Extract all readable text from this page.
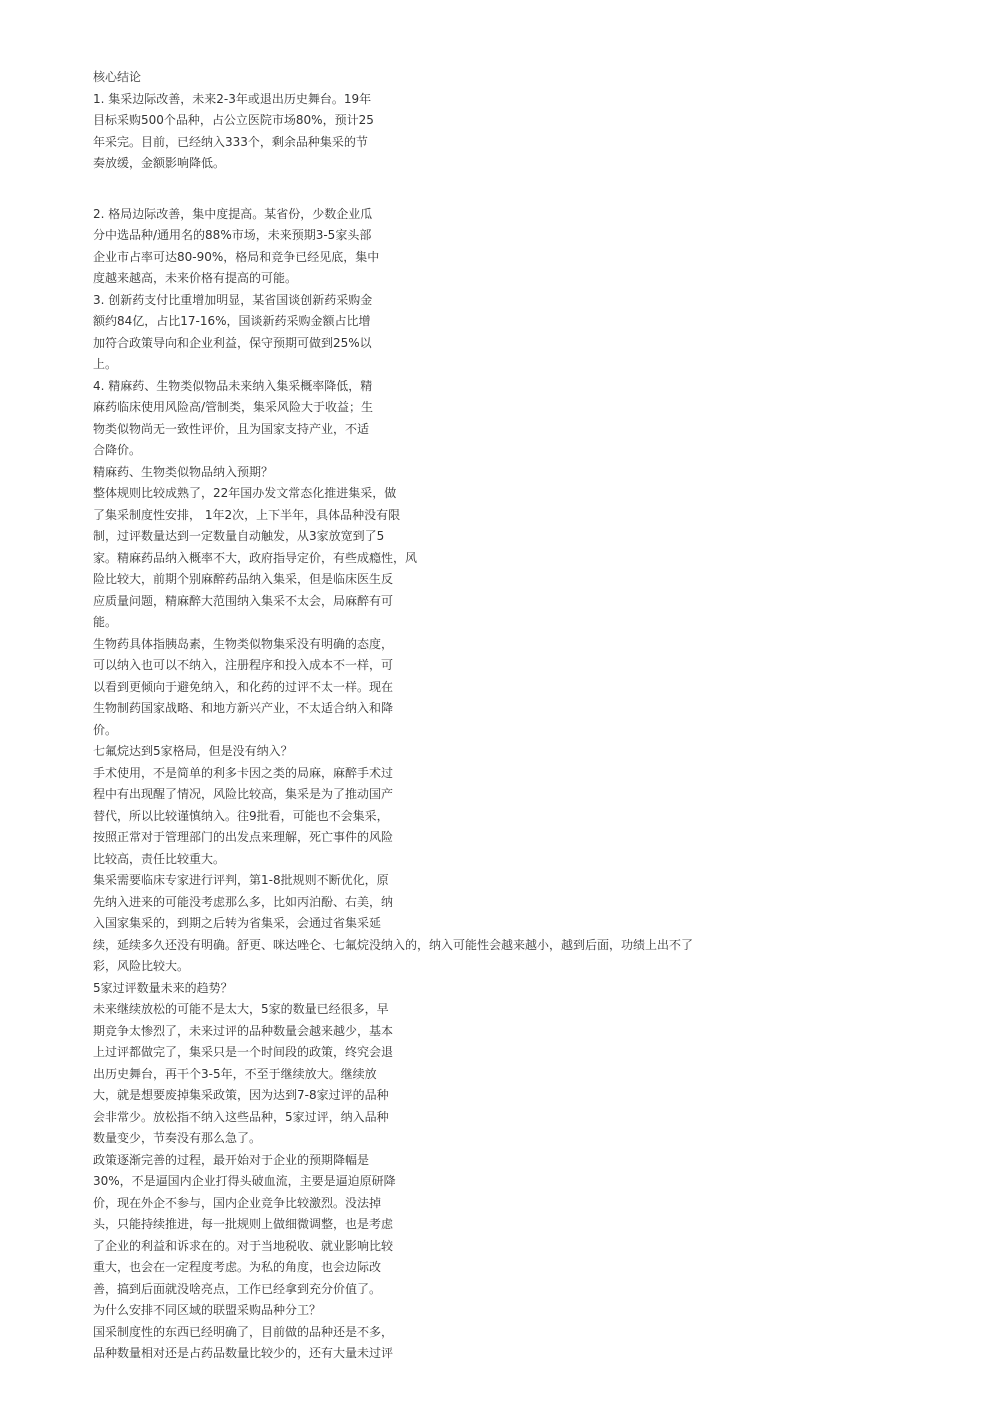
核心结论
1. 集采边际改善，未来2-3年或退出历史舞台。19年
目标采购500个品种，占公立医院市场80%，预计25
年采完。目前，已经纳入333个，剩余品种集采的节
奏放缓，金额影响降低。
2. 格局边际改善，集中度提高。某省份，少数企业瓜
分中选品种/通用名的88%市场，未来预期3-5家头部
企业市占率可达80-90%，格局和竞争已经见底，集中
度越来越高，未来价格有提高的可能。
3. 创新药支付比重增加明显，某省国谈创新药采购金
额约84亿，占比17-16%，国谈新药采购金额占比增
加符合政策导向和企业利益，保守预期可做到25%以
上。
4. 精麻药、生物类似物品未来纳入集采概率降低，精
麻药临床使用风险高/管制类，集采风险大于收益；生
物类似物尚无一致性评价，且为国家支持产业，不适
合降价。
精麻药、生物类似物品纳入预期？
整体规则比较成熟了，22年国办发文常态化推进集采，做
了集采制度性安排， 1年2次，上下半年，具体品种没有限
制，过评数量达到一定数量自动触发，从3家放宽到了5
家。精麻药品纳入概率不大，政府指导定价，有些成瘾性，风
险比较大，前期个别麻醉药品纳入集采，但是临床医生反
应质量问题，精麻醉大范围纳入集采不太会，局麻醉有可
能。
生物药具体指胰岛素，生物类似物集采没有明确的态度，
可以纳入也可以不纳入，注册程序和投入成本不一样，可
以看到更倾向于避免纳入，和化药的过评不太一样。现在
生物制药国家战略、和地方新兴产业，不太适合纳入和降
价。
七氟烷达到5家格局，但是没有纳入？
手术使用，不是简单的利多卡因之类的局麻，麻醉手术过
程中有出现醒了情况，风险比较高，集采是为了推动国产
替代，所以比较谨慎纳入。往9批看，可能也不会集采，
按照正常对于管理部门的出发点来理解，死亡事件的风险
比较高，责任比较重大。
集采需要临床专家进行评判，第1-8批规则不断优化，原
先纳入进来的可能没考虑那么多，比如丙泊酚、右美，纳
入国家集采的，到期之后转为省集采，会通过省集采延
续，延续多久还没有明确。舒更、咪达唑仑、七氟烷没纳入的，纳入可能性会越来越小，越到后面，功绩上出不了
彩，风险比较大。
5家过评数量未来的趋势？
未来继续放松的可能不是太大，5家的数量已经很多，早
期竞争太惨烈了，未来过评的品种数量会越来越少，基本
上过评都做完了，集采只是一个时间段的政策，终究会退
出历史舞台，再干个3-5年，不至于继续放大。继续放
大，就是想要废掉集采政策，因为达到7-8家过评的品种
会非常少。放松指不纳入这些品种，5家过评，纳入品种
数量变少，节奏没有那么急了。
政策逐渐完善的过程，最开始对于企业的预期降幅是
30%，不是逼国内企业打得头破血流，主要是逼迫原研降
价，现在外企不参与，国内企业竞争比较激烈。没法掉
头，只能持续推进，每一批规则上做细微调整，也是考虑
了企业的利益和诉求在的。对于当地税收、就业影响比较
重大，也会在一定程度考虑。为私的角度，也会边际改
善，搞到后面就没啥亮点，工作已经拿到充分价值了。
为什么安排不同区域的联盟采购品种分工？
国采制度性的东西已经明确了，目前做的品种还是不多，
品种数量相对还是占药品数量比较少的，还有大量未过评
